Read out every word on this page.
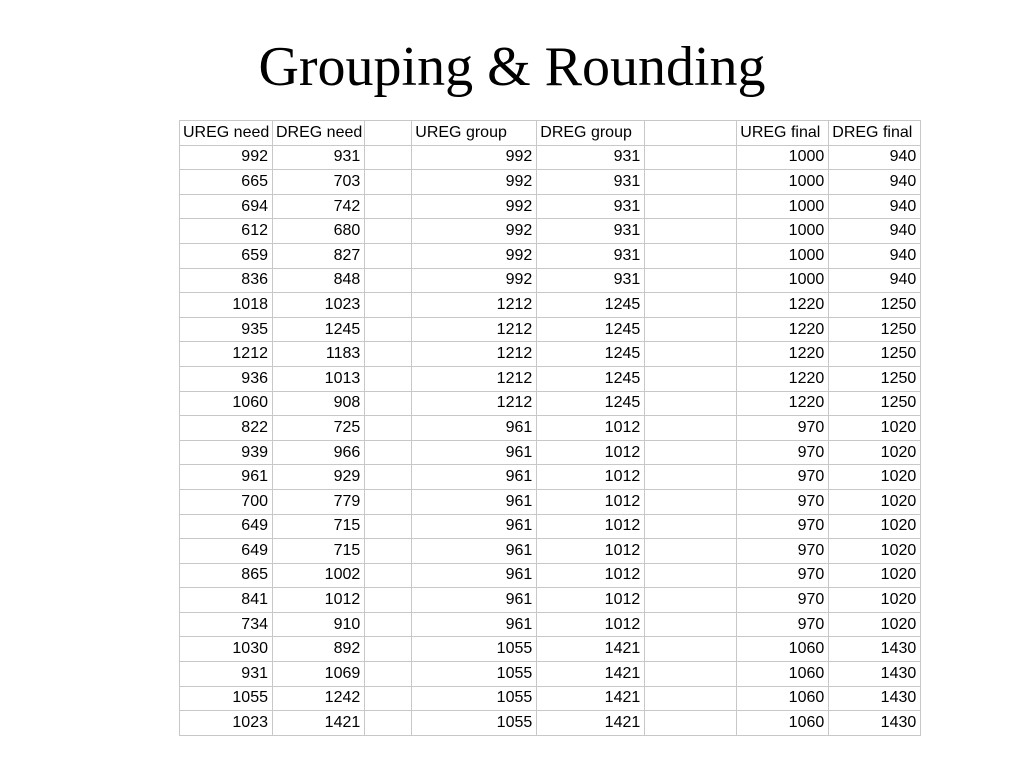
Grouping & Rounding
UREG need	DREG need		UREG group	DREG group		UREG final	DREG final
992	931		992	931		1000	940
665	703		992	931		1000	940
694	742		992	931		1000	940
612	680		992	931		1000	940
659	827		992	931		1000	940
836	848		992	931		1000	940
1018	1023		1212	1245		1220	1250
935	1245		1212	1245		1220	1250
1212	1183		1212	1245		1220	1250
936	1013		1212	1245		1220	1250
1060	908		1212	1245		1220	1250
822	725		961	1012		970	1020
939	966		961	1012		970	1020
961	929		961	1012		970	1020
700	779		961	1012		970	1020
649	715		961	1012		970	1020
649	715		961	1012		970	1020
865	1002		961	1012		970	1020
841	1012		961	1012		970	1020
734	910		961	1012		970	1020
1030	892		1055	1421		1060	1430
931	1069		1055	1421		1060	1430
1055	1242		1055	1421		1060	1430
1023	1421		1055	1421		1060	1430
